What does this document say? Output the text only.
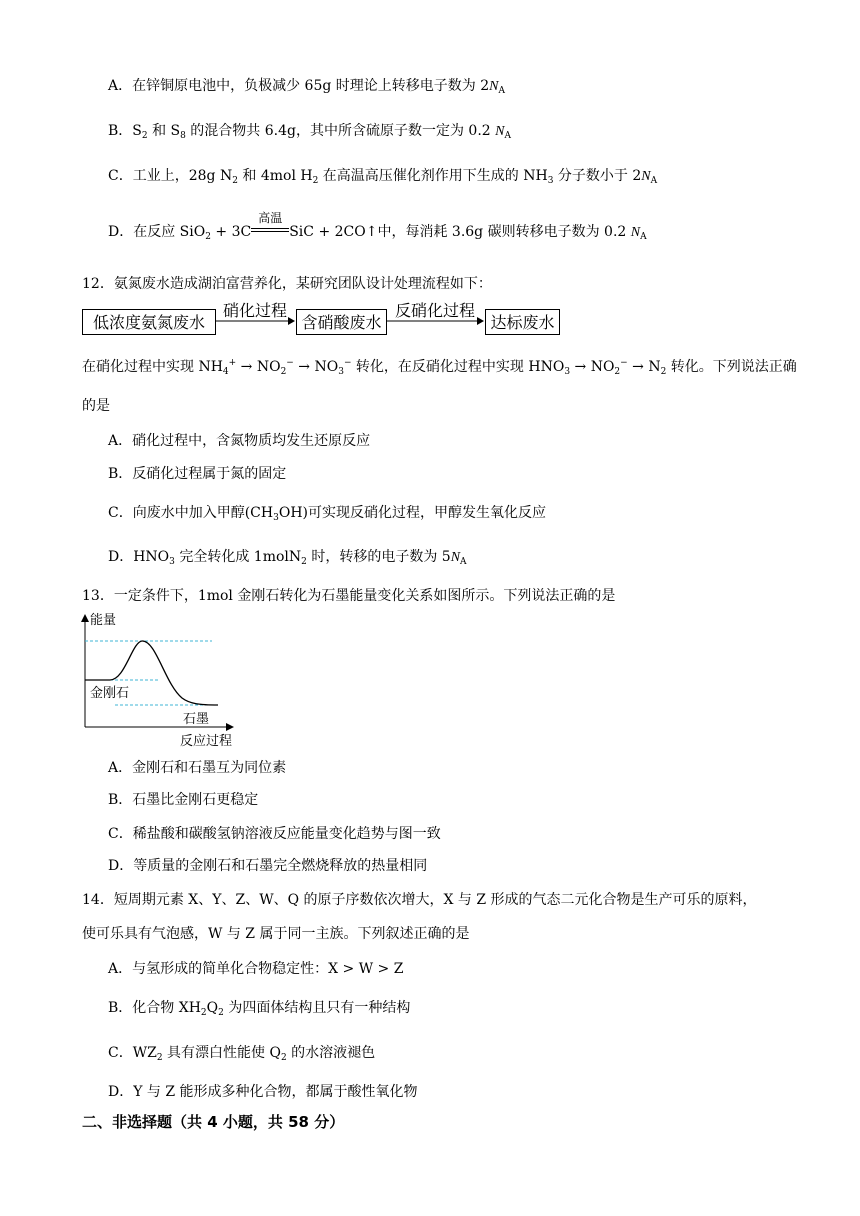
A．在锌铜原电池中，负极减少 65g 时理论上转移电子数为 $2N_A$
B．$S_2$ 和 $S_8$ 的混合物共 6.4g，其中所含硫原子数一定为 0.2 $N_A$
C．工业上，28g $N_2$ 和 4mol $H_2$ 在高温高压催化剂作用下生成的 $NH_3$ 分子数小于 $2N_A$
D．在反应 SiO$_2$ + 3C
高温
SiC + 2CO↑中，每消耗 3.6g 碳则转移电子数为 0.2 $N_A$
12．氨氮废水造成湖泊富营养化，某研究团队设计处理流程如下：
低浓度氨氮废水
硝化过程
含硝酸废水
反硝化过程
达标废水
在硝化过程中实现 $NH_4^+ \to NO_2^- \to NO_3^-$ 转化，在反硝化过程中实现 $HNO_3 \to NO_2^- \to N_2$ 转化。下列说法正确
的是
A．硝化过程中，含氮物质均发生还原反应
B．反硝化过程属于氮的固定
C．向废水中加入甲醇$(CH_3OH)$可实现反硝化过程，甲醇发生氧化反应
D．$HNO_3$ 完全转化成 1molN$_2$ 时，转移的电子数为 $5N_A$
13．一定条件下，1mol 金刚石转化为石墨能量变化关系如图所示。下列说法正确的是
能量
金刚石
石墨
反应过程
A．金刚石和石墨互为同位素
B．石墨比金刚石更稳定
C．稀盐酸和碳酸氢钠溶液反应能量变化趋势与图一致
D．等质量的金刚石和石墨完全燃烧释放的热量相同
14．短周期元素 X、Y、Z、W、Q 的原子序数依次增大，X 与 Z 形成的气态二元化合物是生产可乐的原料，
使可乐具有气泡感，W 与 Z 属于同一主族。下列叙述正确的是
A．与氢形成的简单化合物稳定性：X > W > Z
B．化合物 $XH_2Q_2$ 为四面体结构且只有一种结构
C．$WZ_2$ 具有漂白性能使 $Q_2$ 的水溶液褪色
D．Y 与 Z 能形成多种化合物，都属于酸性氧化物
二、非选择题（共 4 小题，共 58 分）
